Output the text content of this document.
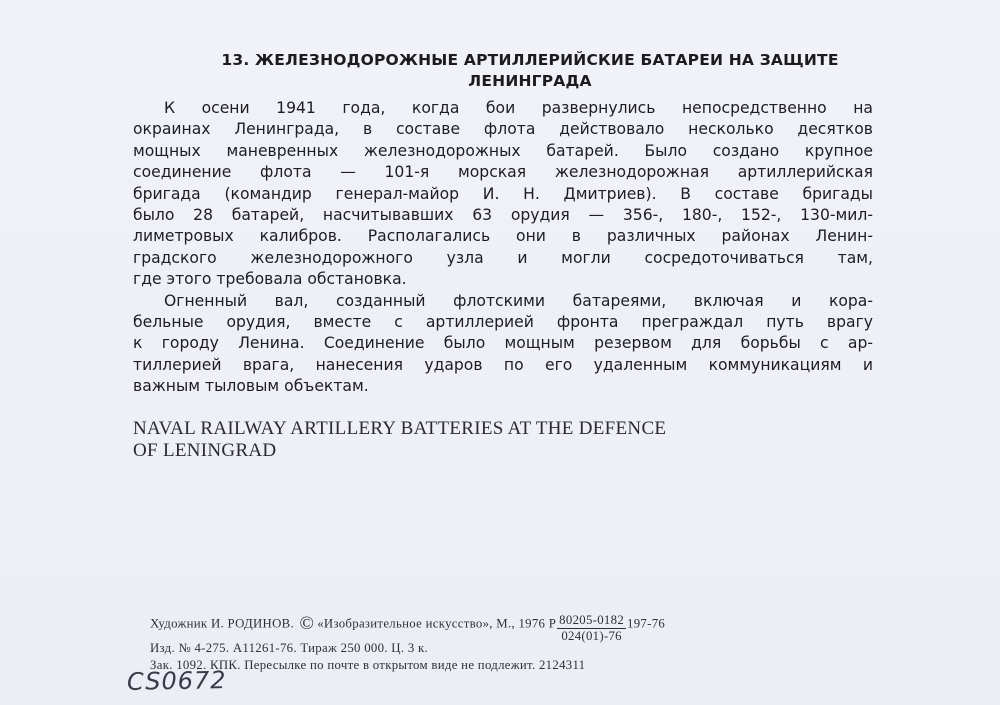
13. ЖЕЛЕЗНОДОРОЖНЫЕ АРТИЛЛЕРИЙСКИЕ БАТАРЕИ НА ЗАЩИТЕ
ЛЕНИНГРАДА

К осени 1941 года, когда бои развернулись непосредственно на
окраинах Ленинграда, в составе флота действовало несколько десятков
мощных маневренных железнодорожных батарей. Было создано крупное
соединение флота — 101-я морская железнодорожная артиллерийская
бригада (командир генерал-майор И. Н. Дмитриев). В составе бригады
было 28 батарей, насчитывавших 63 орудия — 356-, 180-, 152-, 130-мил-
лиметровых калибров. Располагались они в различных районах Ленин-
градского железнодорожного узла и могли сосредоточиваться там,
где этого требовала обстановка.

Огненный вал, созданный флотскими батареями, включая и кора-
бельные орудия, вместе с артиллерией фронта преграждал путь врагу
к городу Ленина. Соединение было мощным резервом для борьбы с ар-
тиллерией врага, нанесения ударов по его удаленным коммуникациям и
важным тыловым объектам.

NAVAL RAILWAY ARTILLERY BATTERIES AT THE DEFENCE
OF LENINGRAD
Художник И. РОДИНОВ. © «Изобразительное искусство», М., 1976 Р $\frac{80205-0182}{024(01)-76} 197-76$
Изд. № 4-275. А11261-76. Тираж 250 000. Ц. 3 к.
Зак. 1092. КПК. Пересылке по почте в открытом виде не подлежит. 2124311
CS0672
